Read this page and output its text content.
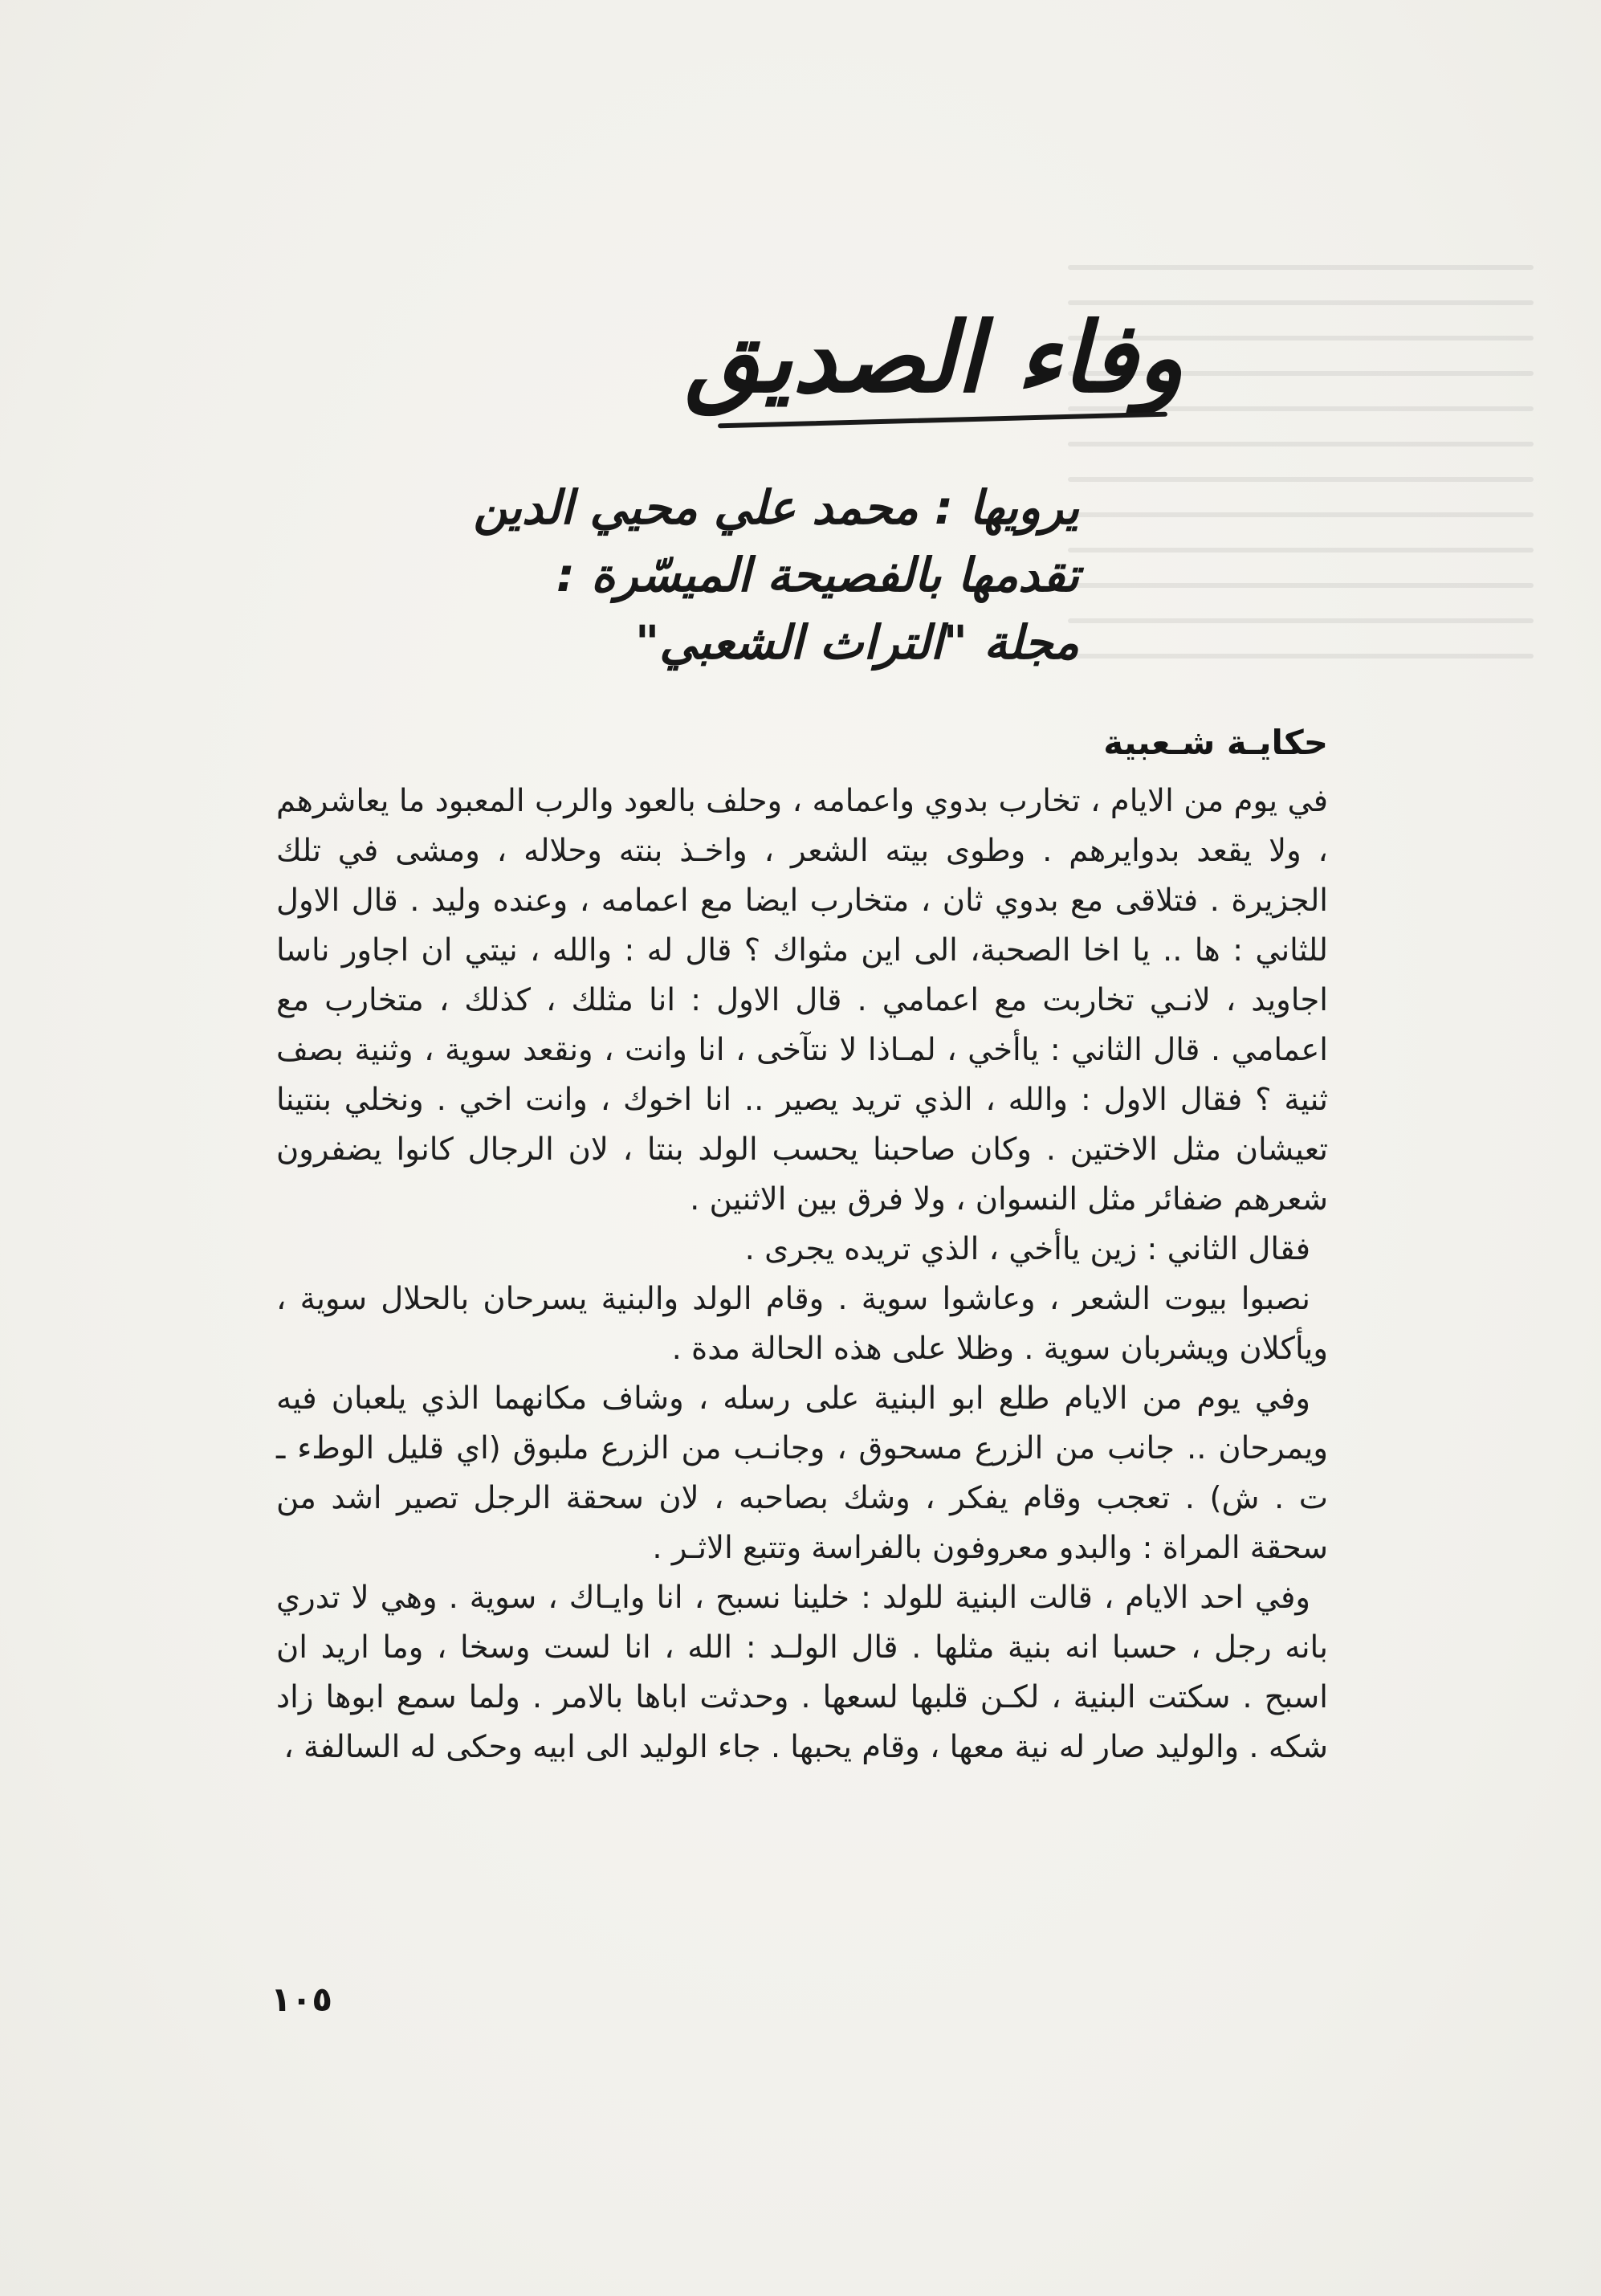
وفاء الصديق
يرويها : محمد علي محيي الدين
تقدمها بالفصيحة الميسّرة :
مجلة "التراث الشعبي"
حكايـة شـعبية

في يوم من الايام ، تخارب بدوي واعمامه ، وحلف بالعود والرب المعبود ما يعاشرهم ، ولا يقعد بدوايرهم . وطوى بيته الشعر ، واخـذ بنته وحلاله ، ومشى في تلك الجزيرة . فتلاقى مع بدوي ثان ، متخارب ايضا مع اعمامه ، وعنده وليد . قال الاول للثاني : ها .. يا اخا الصحبة، الى اين مثواك ؟ قال له : والله ، نيتي ان اجاور ناسا اجاويد ، لانـي تخاربت مع اعمامي . قال الاول : انا مثلك ، كذلك ، متخارب مع اعمامي . قال الثاني : ياأخي ، لمـاذا لا نتآخى ، انا وانت ، ونقعد سوية ، وثنية بصف ثنية ؟ فقال الاول : والله ، الذي تريد يصير .. انا اخوك ، وانت اخي . ونخلي بنتينا تعيشان مثل الاختين . وكان صاحبنا يحسب الولد بنتا ، لان الرجال كانوا يضفرون شعرهم ضفائر مثل النسوان ، ولا فرق بين الاثنين .

فقال الثاني : زين ياأخي ، الذي تريده يجرى .

نصبوا بيوت الشعر ، وعاشوا سوية . وقام الولد والبنية يسرحان بالحلال سوية ، ويأكلان ويشربان سوية . وظلا على هذه الحالة مدة .

وفي يوم من الايام طلع ابو البنية على رسله ، وشاف مكانهما الذي يلعبان فيه ويمرحان .. جانب من الزرع مسحوق ، وجانـب من الزرع ملبوق (اي قليل الوطء ـ ت . ش) . تعجب وقام يفكر ، وشك بصاحبه ، لان سحقة الرجل تصير اشد من سحقة المراة : والبدو معروفون بالفراسة وتتبع الاثـر .

وفي احد الايام ، قالت البنية للولد : خلينا نسبح ، انا وايـاك ، سوية . وهي لا تدري بانه رجل ، حسبا انه بنية مثلها . قال الولـد : الله ، انا لست وسخا ، وما اريد ان اسبح . سكتت البنية ، لكـن قلبها لسعها . وحدثت اباها بالامر . ولما سمع ابوها زاد شكه . والوليد صار له نية معها ، وقام يحبها . جاء الوليد الى ابيه وحكى له السالفة ،

١٠٥
